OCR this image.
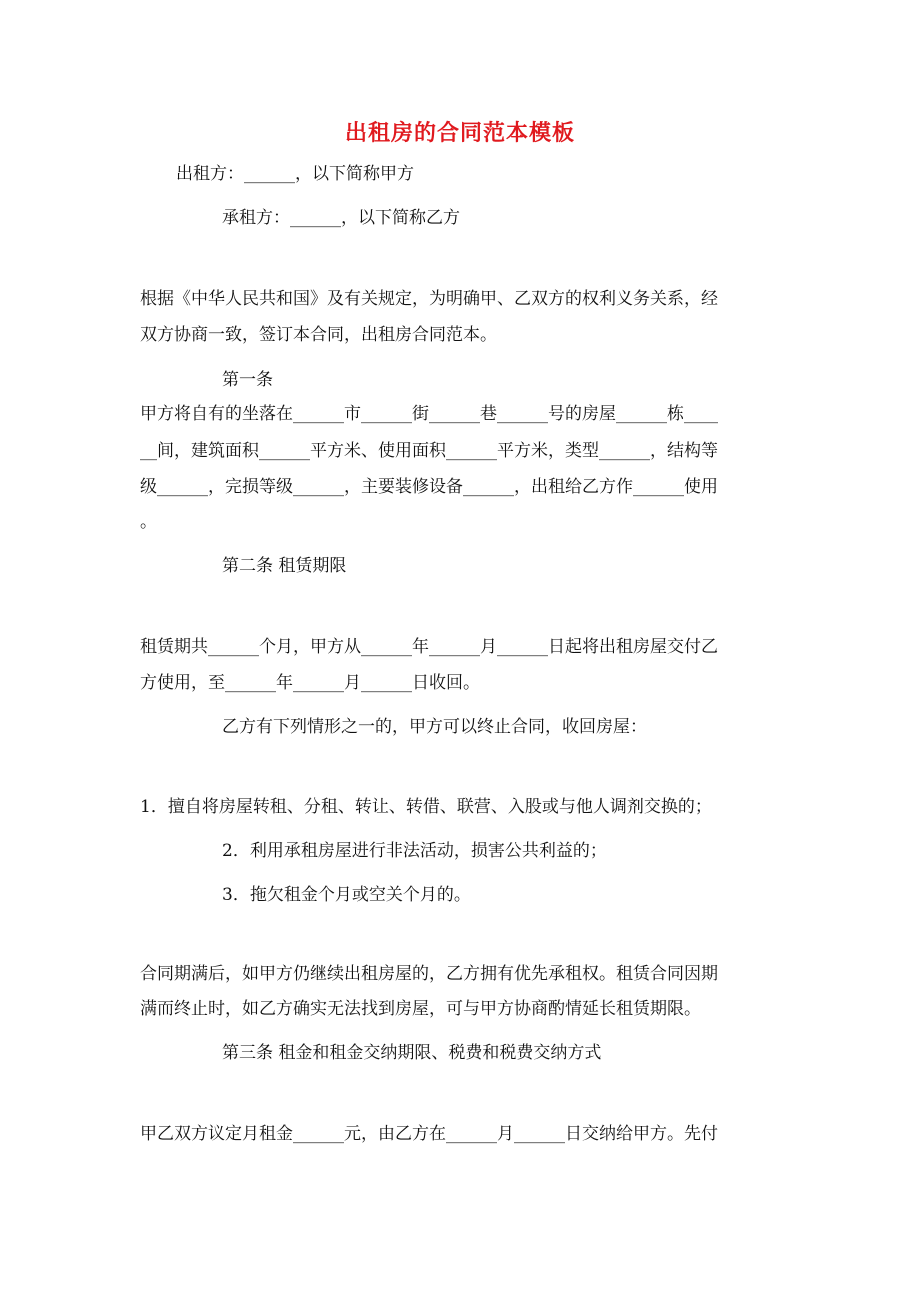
出租房的合同范本模板
出租方：______，以下简称甲方
承租方：______，以下简称乙方
根据《中华人民共和国》及有关规定，为明确甲、乙双方的权利义务关系，经
双方协商一致，签订本合同，出租房合同范本。
第一条
甲方将自有的坐落在______市______街______巷______号的房屋______栋____
__间，建筑面积______平方米、使用面积______平方米，类型______，结构等
级______，完损等级______，主要装修设备______，出租给乙方作______使用
。
第二条 租赁期限
租赁期共______个月，甲方从______年______月______日起将出租房屋交付乙
方使用，至______年______月______日收回。
乙方有下列情形之一的，甲方可以终止合同，收回房屋：
1．擅自将房屋转租、分租、转让、转借、联营、入股或与他人调剂交换的；
2．利用承租房屋进行非法活动，损害公共利益的；
3．拖欠租金个月或空关个月的。
合同期满后，如甲方仍继续出租房屋的，乙方拥有优先承租权。租赁合同因期
满而终止时，如乙方确实无法找到房屋，可与甲方协商酌情延长租赁期限。
第三条 租金和租金交纳期限、税费和税费交纳方式
甲乙双方议定月租金______元，由乙方在______月______日交纳给甲方。先付
